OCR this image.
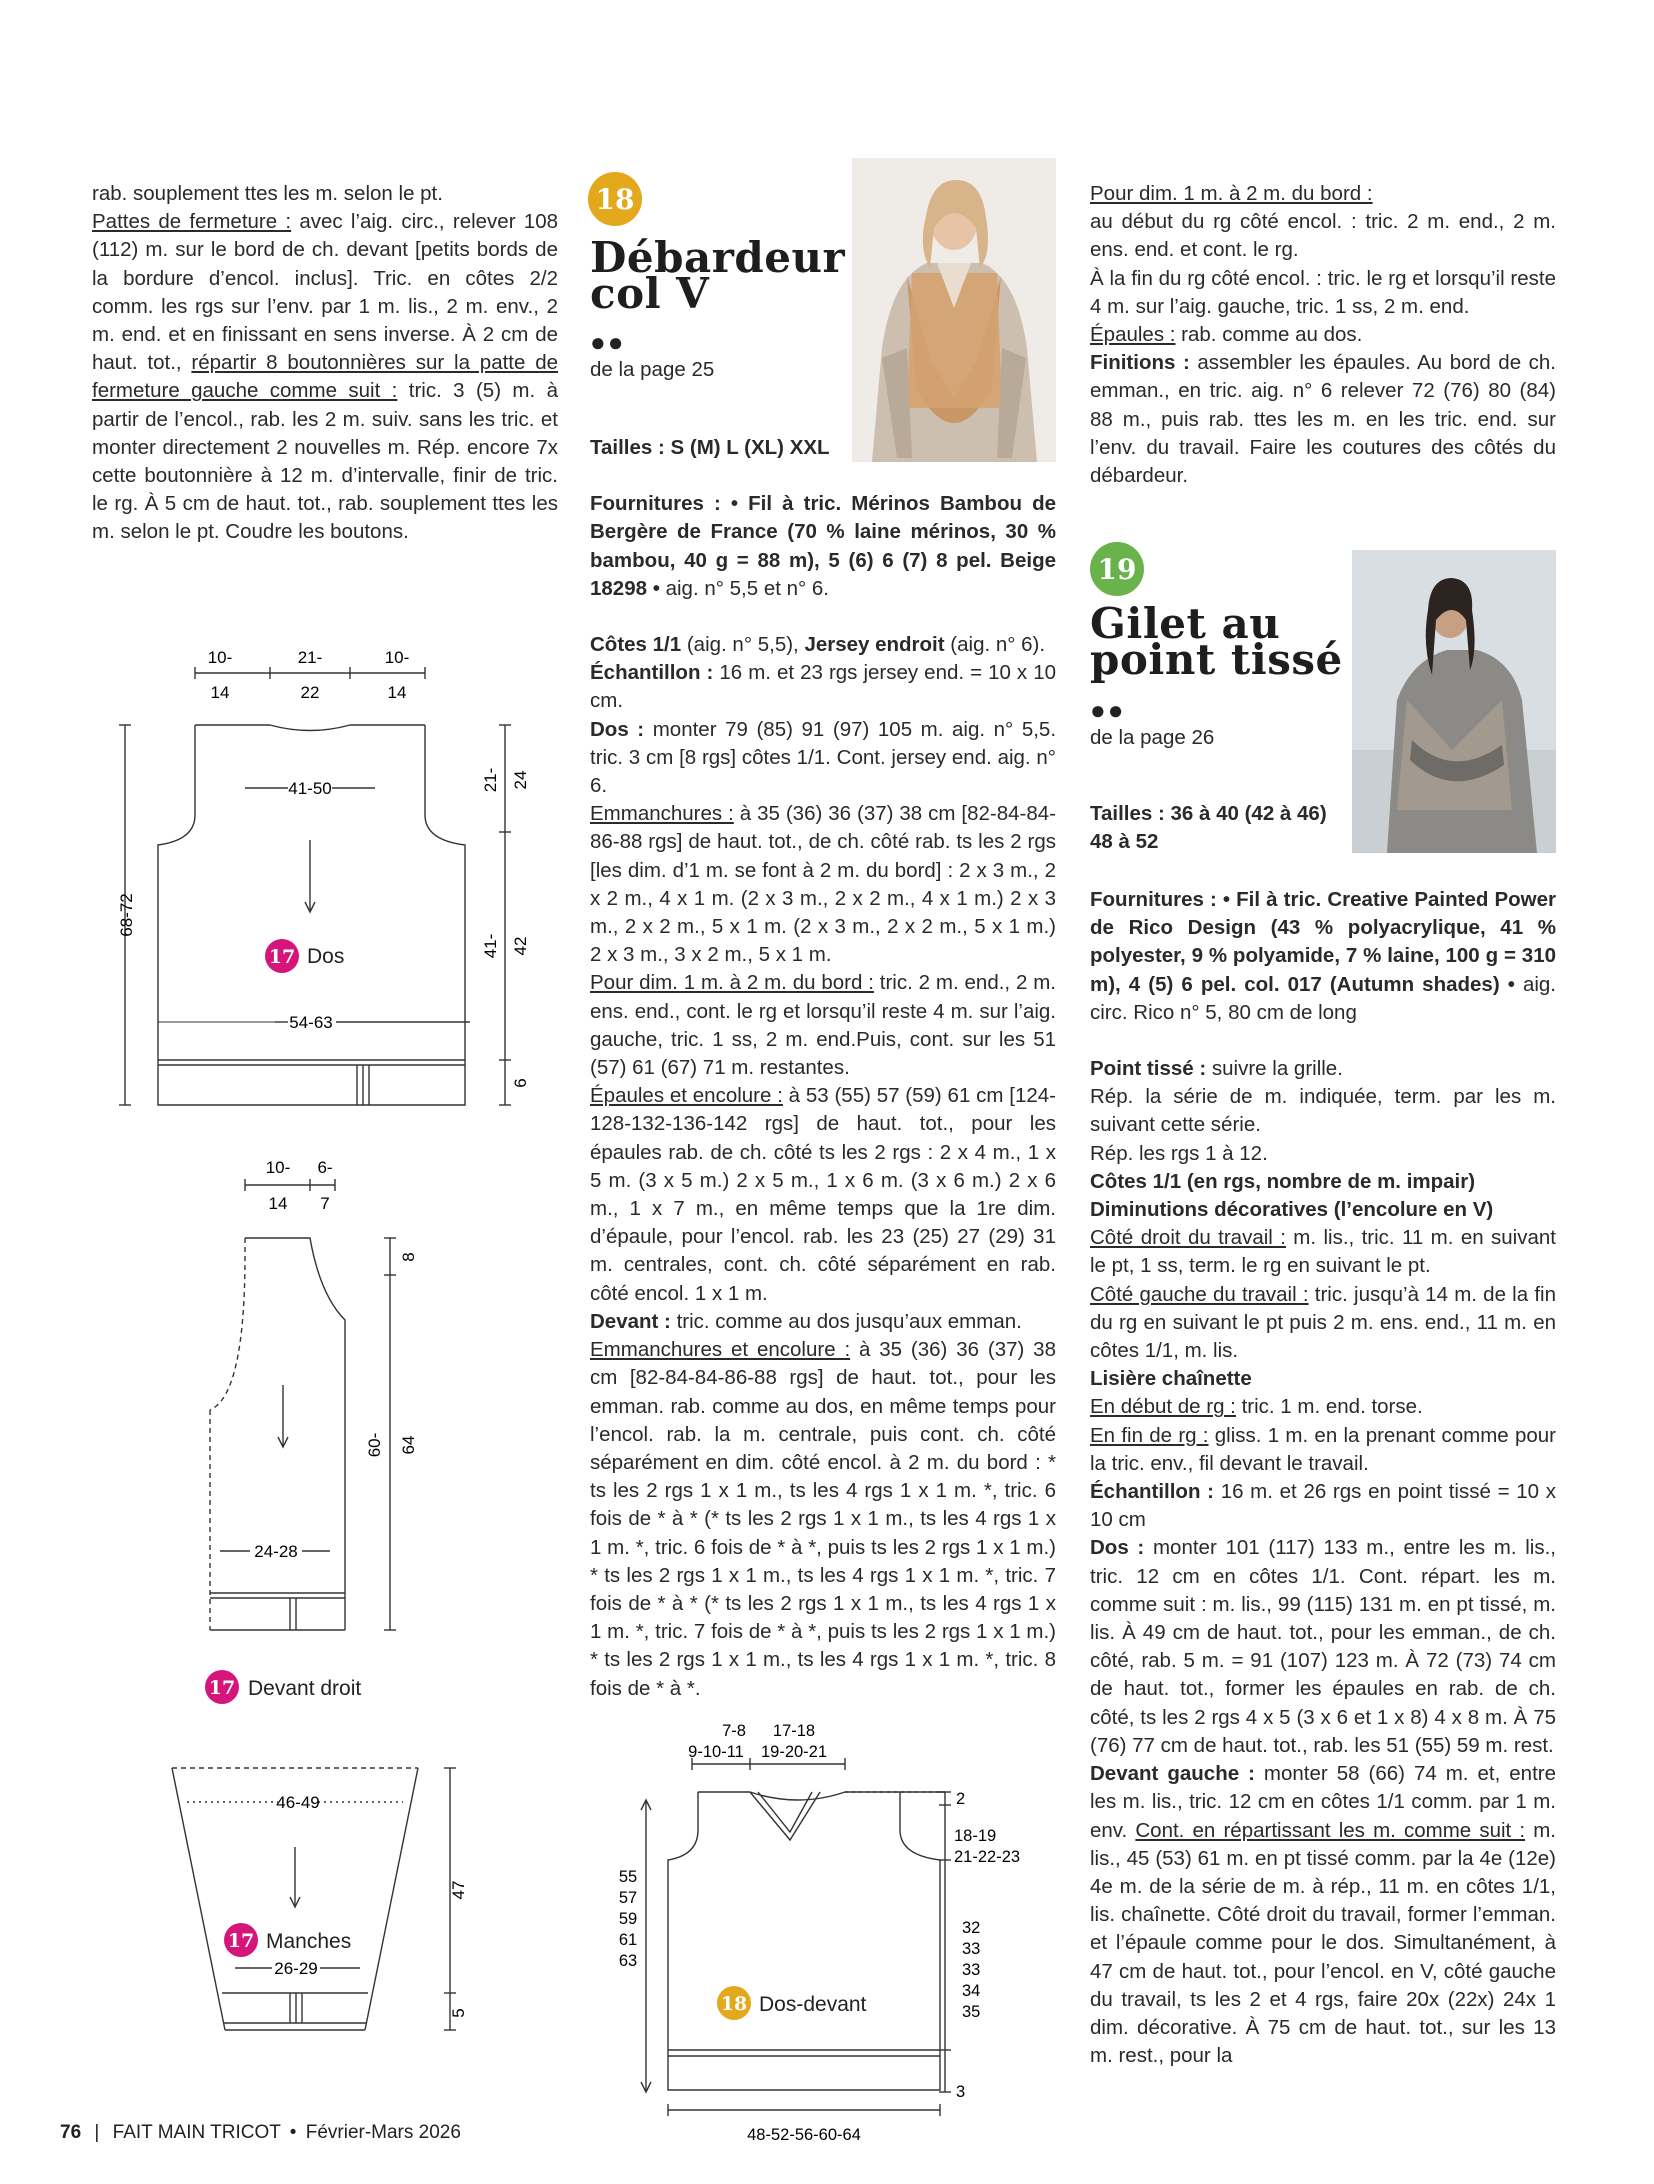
rab. souplement ttes les m. selon le pt.

Pattes de fermeture : avec l’aig. circ., relever 108 (112) m. sur le bord de ch. devant [petits bords de la bordure d’encol. inclus]. Tric. en côtes 2/2 comm. les rgs sur l’env. par 1 m. lis., 2 m. env., 2 m. end. et en finissant en sens inverse. À 2 cm de haut. tot., répartir 8 boutonnières sur la patte de fermeture gauche comme suit : tric. 3 (5) m. à partir de l’encol., rab. les 2 m. suiv. sans les tric. et monter directement 2 nouvelles m. Rép. encore 7x cette boutonnière à 12 m. d’intervalle, finir de tric. le rg. À 5 cm de haut. tot., rab. souplement ttes les m. selon le pt. Coudre les boutons.

10-
14
21-
22
10-
14
41-50
54-63
68-72
21- 24
41- 42
6
17 Dos
10-
14
6-
7
8
60- 64
24-28
17 Devant droit
46-49
26-29
47
5
17 Manches
18
Débardeur
col V
●●
de la page 25

Tailles : S (M) L (XL) XXL

Fournitures : • Fil à tric. Mérinos Bambou de Bergère de France (70 % laine mérinos, 30 % bambou, 40 g = 88 m), 5 (6) 6 (7) 8 pel. Beige 18298 • aig. n° 5,5 et n° 6.

Côtes 1/1 (aig. n° 5,5), Jersey endroit (aig. n° 6).

Échantillon : 16 m. et 23 rgs jersey end. = 10 x 10 cm.

Dos : monter 79 (85) 91 (97) 105 m. aig. n° 5,5. tric. 3 cm [8 rgs] côtes 1/1. Cont. jersey end. aig. n° 6.

Emmanchures : à 35 (36) 36 (37) 38 cm [82-84-84-86-88 rgs] de haut. tot., de ch. côté rab. ts les 2 rgs [les dim. d’1 m. se font à 2 m. du bord] : 2 x 3 m., 2 x 2 m., 4 x 1 m. (2 x 3 m., 2 x 2 m., 4 x 1 m.) 2 x 3 m., 2 x 2 m., 5 x 1 m. (2 x 3 m., 2 x 2 m., 5 x 1 m.) 2 x 3 m., 3 x 2 m., 5 x 1 m.

Pour dim. 1 m. à 2 m. du bord : tric. 2 m. end., 2 m. ens. end., cont. le rg et lorsqu’il reste 4 m. sur l’aig. gauche, tric. 1 ss, 2 m. end.Puis, cont. sur les 51 (57) 61 (67) 71 m. restantes.

Épaules et encolure : à 53 (55) 57 (59) 61 cm [124-128-132-136-142 rgs] de haut. tot., pour les épaules rab. de ch. côté ts les 2 rgs : 2 x 4 m., 1 x 5 m. (3 x 5 m.) 2 x 5 m., 1 x 6 m. (3 x 6 m.) 2 x 6 m., 1 x 7 m., en même temps que la 1re dim. d’épaule, pour l’encol. rab. les 23 (25) 27 (29) 31 m. centrales, cont. ch. côté séparément en rab. côté encol. 1 x 1 m.

Devant : tric. comme au dos jusqu’aux emman.

Emmanchures et encolure : à 35 (36) 36 (37) 38 cm [82-84-84-86-88 rgs] de haut. tot., pour les emman. rab. comme au dos, en même temps pour l’encol. rab. la m. centrale, puis cont. ch. côté séparément en dim. côté encol. à 2 m. du bord : * ts les 2 rgs 1 x 1 m., ts les 4 rgs 1 x 1 m. *, tric. 6 fois de * à * (* ts les 2 rgs 1 x 1 m., ts les 4 rgs 1 x 1 m. *, tric. 6 fois de * à *, puis ts les 2 rgs 1 x 1 m.) * ts les 2 rgs 1 x 1 m., ts les 4 rgs 1 x 1 m. *, tric. 7 fois de * à * (* ts les 2 rgs 1 x 1 m., ts les 4 rgs 1 x 1 m. *, tric. 7 fois de * à *, puis ts les 2 rgs 1 x 1 m.) * ts les 2 rgs 1 x 1 m., ts les 4 rgs 1 x 1 m. *, tric. 8 fois de * à *.

7-8
9-10-11
17-18
19-20-21
2
18-19
21-22-23
32
33
33
34
35
3
55
57
59
61
63
48-52-56-60-64
18 Dos-devant

Pour dim. 1 m. à 2 m. du bord :

au début du rg côté encol. : tric. 2 m. end., 2 m. ens. end. et cont. le rg.

À la fin du rg côté encol. : tric. le rg et lorsqu’il reste 4 m. sur l’aig. gauche, tric. 1 ss, 2 m. end.

Épaules : rab. comme au dos.

Finitions : assembler les épaules. Au bord de ch. emman., en tric. aig. n° 6 relever 72 (76) 80 (84) 88 m., puis rab. ttes les m. en les tric. end. sur l’env. du travail. Faire les coutures des côtés du débardeur.

19
Gilet au
point tissé
●●
de la page 26
Tailles : 36 à 40 (42 à 46) 48 à 52

Fournitures : • Fil à tric. Creative Painted Power de Rico Design (43 % polyacrylique, 41 % polyester, 9 % polyamide, 7 % laine, 100 g = 310 m), 4 (5) 6 pel. col. 017 (Autumn shades) • aig. circ. Rico n° 5, 80 cm de long

Point tissé : suivre la grille.

Rép. la série de m. indiquée, term. par les m. suivant cette série.

Rép. les rgs 1 à 12.

Côtes 1/1 (en rgs, nombre de m. impair)

Diminutions décoratives (l’encolure en V)

Côté droit du travail : m. lis., tric. 11 m. en suivant le pt, 1 ss, term. le rg en suivant le pt.

Côté gauche du travail : tric. jusqu’à 14 m. de la fin du rg en suivant le pt puis 2 m. ens. end., 11 m. en côtes 1/1, m. lis.

Lisière chaînette

En début de rg : tric. 1 m. end. torse.

En fin de rg : gliss. 1 m. en la prenant comme pour la tric. env., fil devant le travail.

Échantillon : 16 m. et 26 rgs en point tissé = 10 x 10 cm

Dos : monter 101 (117) 133 m., entre les m. lis., tric. 12 cm en côtes 1/1. Cont. répart. les m. comme suit : m. lis., 99 (115) 131 m. en pt tissé, m. lis. À 49 cm de haut. tot., pour les emman., de ch. côté, rab. 5 m. = 91 (107) 123 m. À 72 (73) 74 cm de haut. tot., former les épaules en rab. de ch. côté, ts les 2 rgs 4 x 5 (3 x 6 et 1 x 8) 4 x 8 m. À 75 (76) 77 cm de haut. tot., rab. les 51 (55) 59 m. rest.

Devant gauche : monter 58 (66) 74 m. et, entre les m. lis., tric. 12 cm en côtes 1/1 comm. par 1 m. env. Cont. en répartissant les m. comme suit : m. lis., 45 (53) 61 m. en pt tissé comm. par la 4e (12e) 4e m. de la série de m. à rép., 11 m. en côtes 1/1, lis. chaînette. Côté droit du travail, former l’emman. et l’épaule comme pour le dos. Simultanément, à 47 cm de haut. tot., pour l’encol. en V, côté gauche du travail, ts les 2 et 4 rgs, faire 20x (22x) 24x 1 dim. décorative. À 75 cm de haut. tot., sur les 13 m. rest., pour la

76 | FAIT MAIN TRICOT • Février-Mars 2026
